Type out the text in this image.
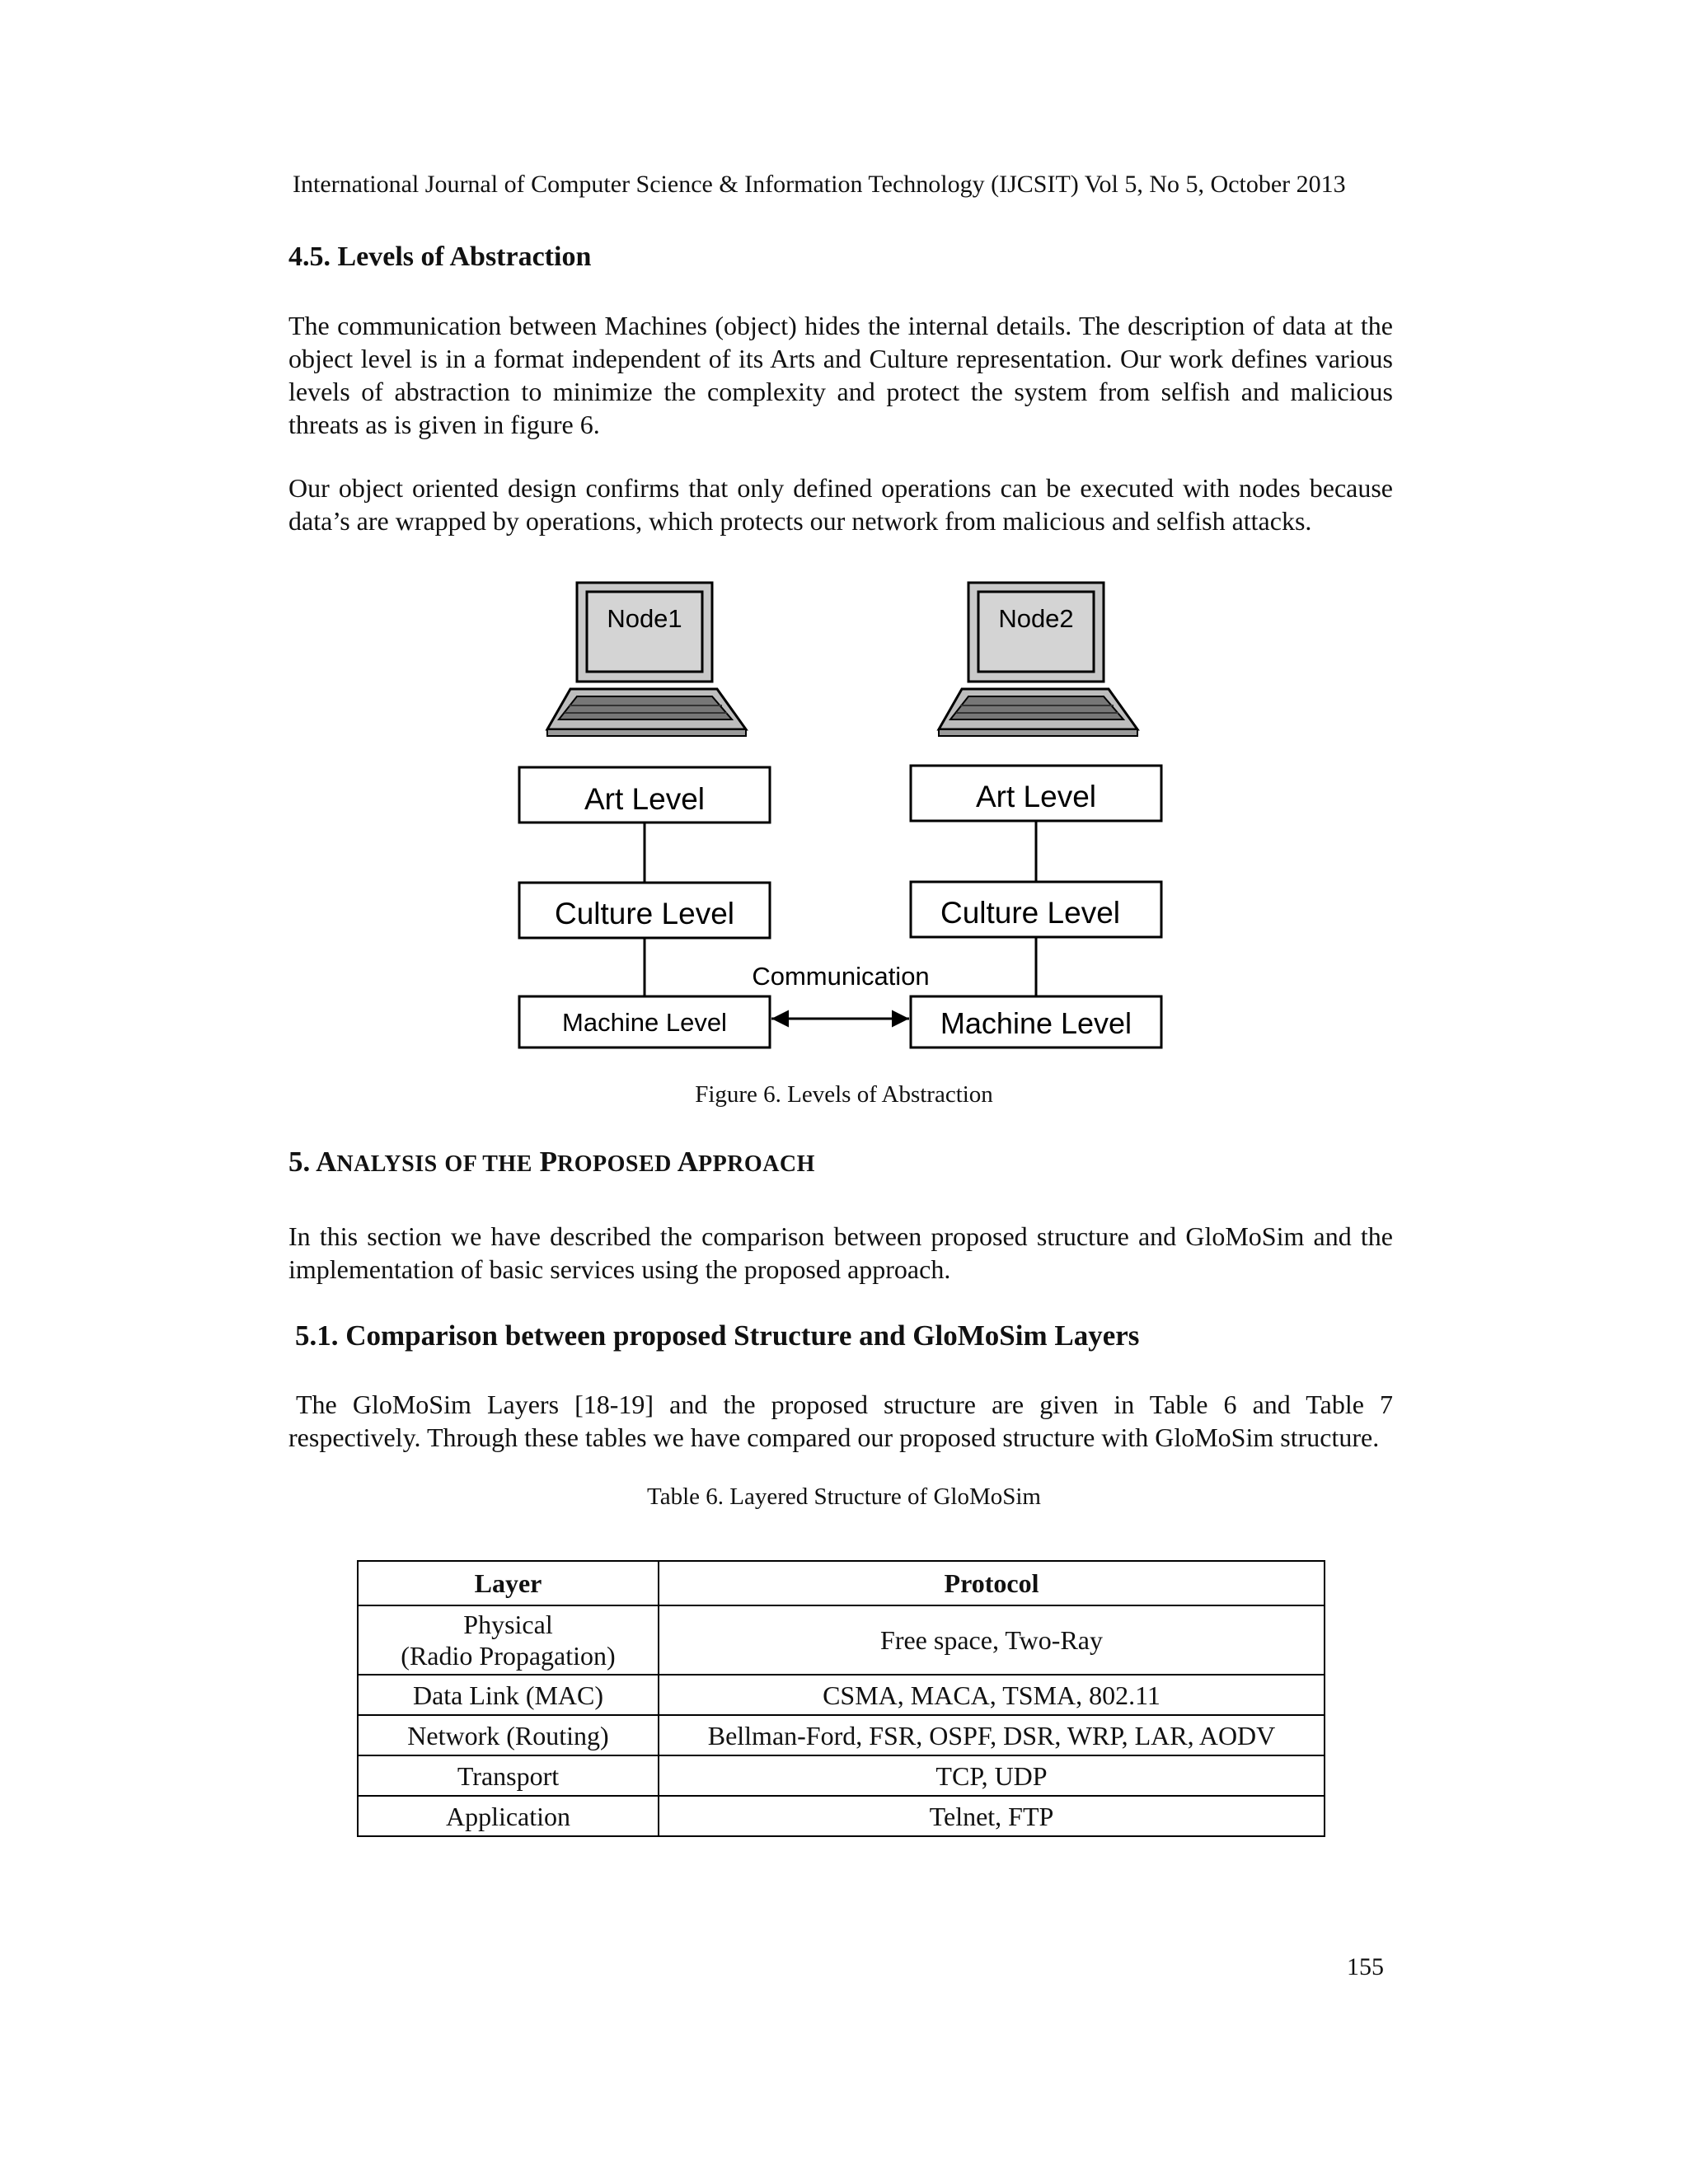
International Journal of Computer Science & Information Technology (IJCSIT) Vol 5, No 5, October 2013
4.5. Levels of Abstraction

The communication between Machines (object) hides the internal details. The description of data at the object level is in a format independent of its Arts and Culture representation. Our work defines various levels of abstraction to minimize the complexity and protect the system from selfish and malicious threats as is given in figure 6.

Our object oriented design confirms that only defined operations can be executed with nodes because data’s are wrapped by operations, which protects our network from malicious and selfish attacks.

Node1	Node2
Art Level
Culture Level
Machine Level
Art Level
Culture Level
Machine Level
Communication
Figure 6. Levels of Abstraction
5. ANALYSIS OF THE PROPOSED APPROACH

In this section we have described the comparison between proposed structure and GloMoSim and the implementation of basic services using the proposed approach.

5.1. Comparison between proposed Structure and GloMoSim Layers

The GloMoSim Layers [18-19] and the proposed structure are given in Table 6 and Table 7 respectively. Through these tables we have compared our proposed structure with GloMoSim structure.

Table 6. Layered Structure of GloMoSim
Layer	Protocol

Physical
(Radio Propagation)	Free space, Two-Ray
Data Link (MAC)	CSMA, MACA, TSMA, 802.11
Network (Routing)	Bellman-Ford, FSR, OSPF, DSR, WRP, LAR, AODV
Transport	TCP, UDP
Application	Telnet, FTP
155
